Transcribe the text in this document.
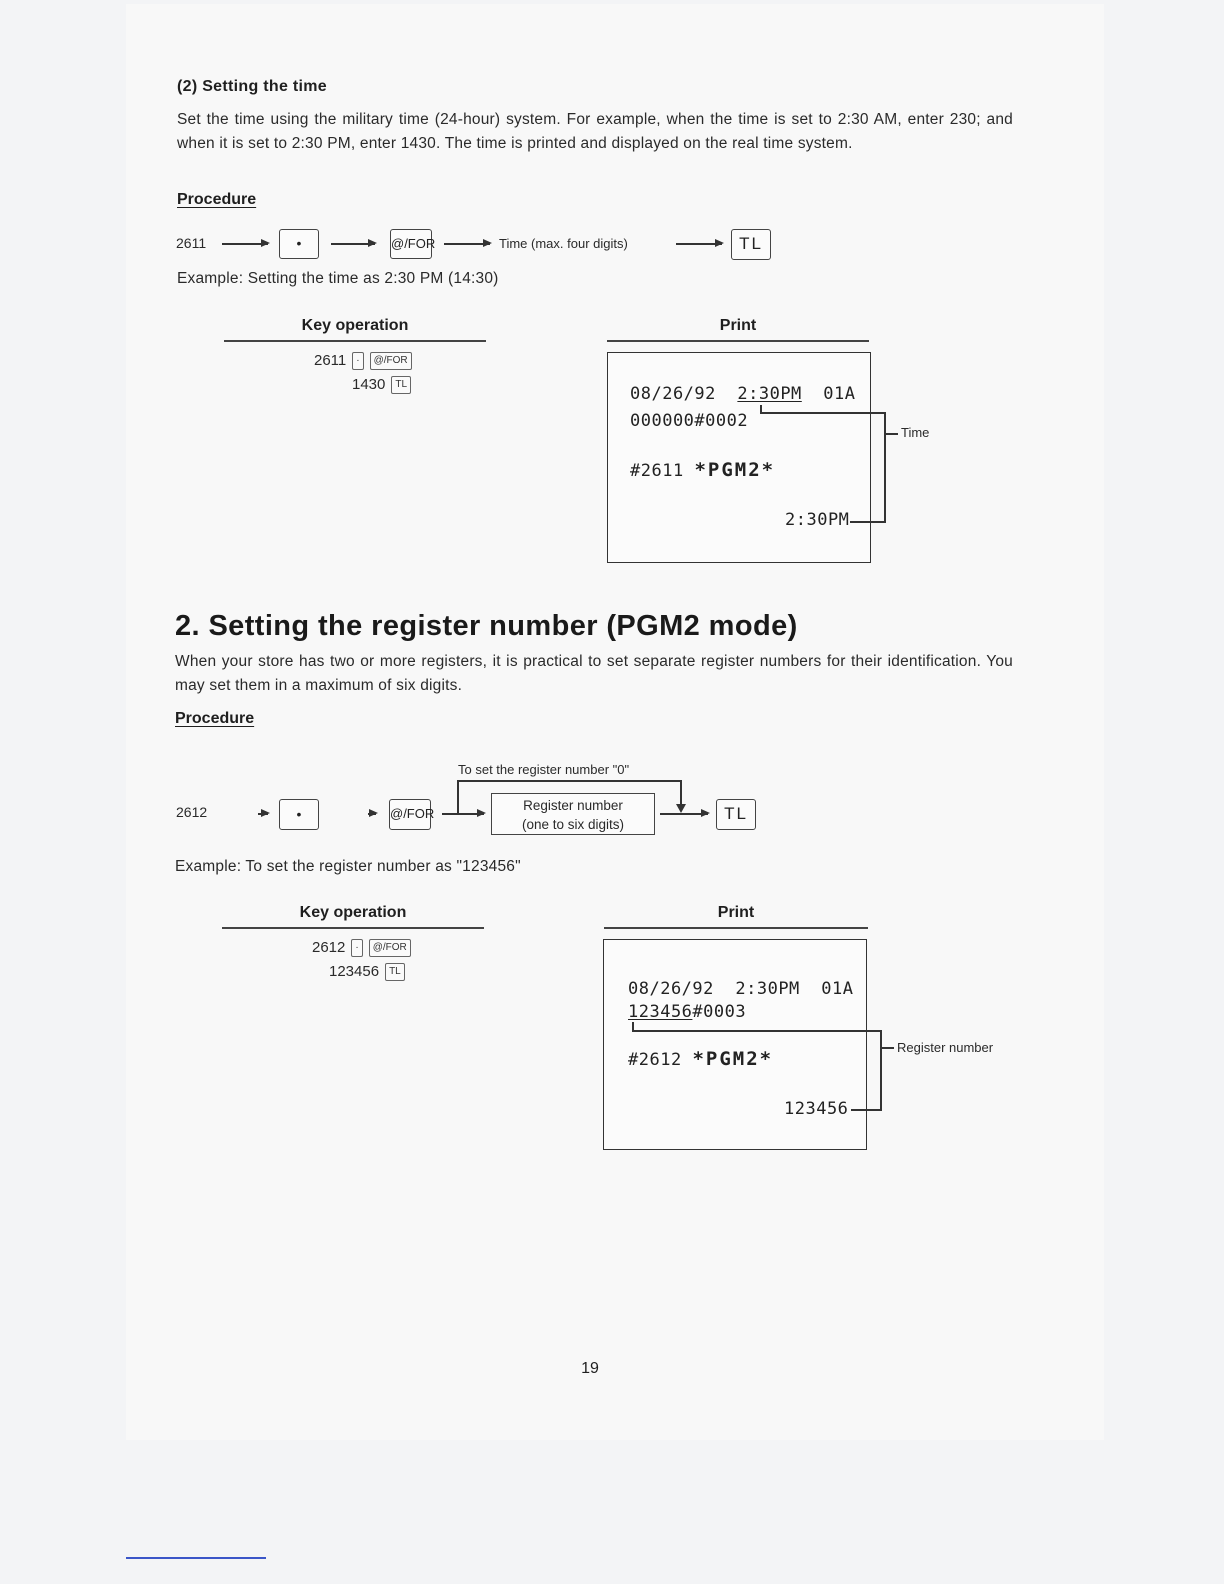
(2) Setting the time
Set the time using the military time (24-hour) system. For example, when the time is set to 2:30 AM, enter 230; and when it is set to 2:30 PM, enter 1430. The time is printed and displayed on the real time system.
Procedure
2611	•	@/FOR	Time (max. four digits)	TL
Example: Setting the time as 2:30 PM (14:30)
Key operation
2611 · @/FOR
1430 TL
Print
08/26/92 2:30PM 01A
000000#0002
#2611 *PGM2*
2:30PM
Time
2. Setting the register number (PGM2 mode)
When your store has two or more registers, it is practical to set separate register numbers for their identification. You may set them in a maximum of six digits.
Procedure
To set the register number "0"
2612	•	@/FOR
Register number
(one to six digits)
TL
Example: To set the register number as "123456"
Key operation
2612 · @/FOR
123456 TL
Print
08/26/92 2:30PM 01A
123456#0003
#2612 *PGM2*
123456
Register number
19
